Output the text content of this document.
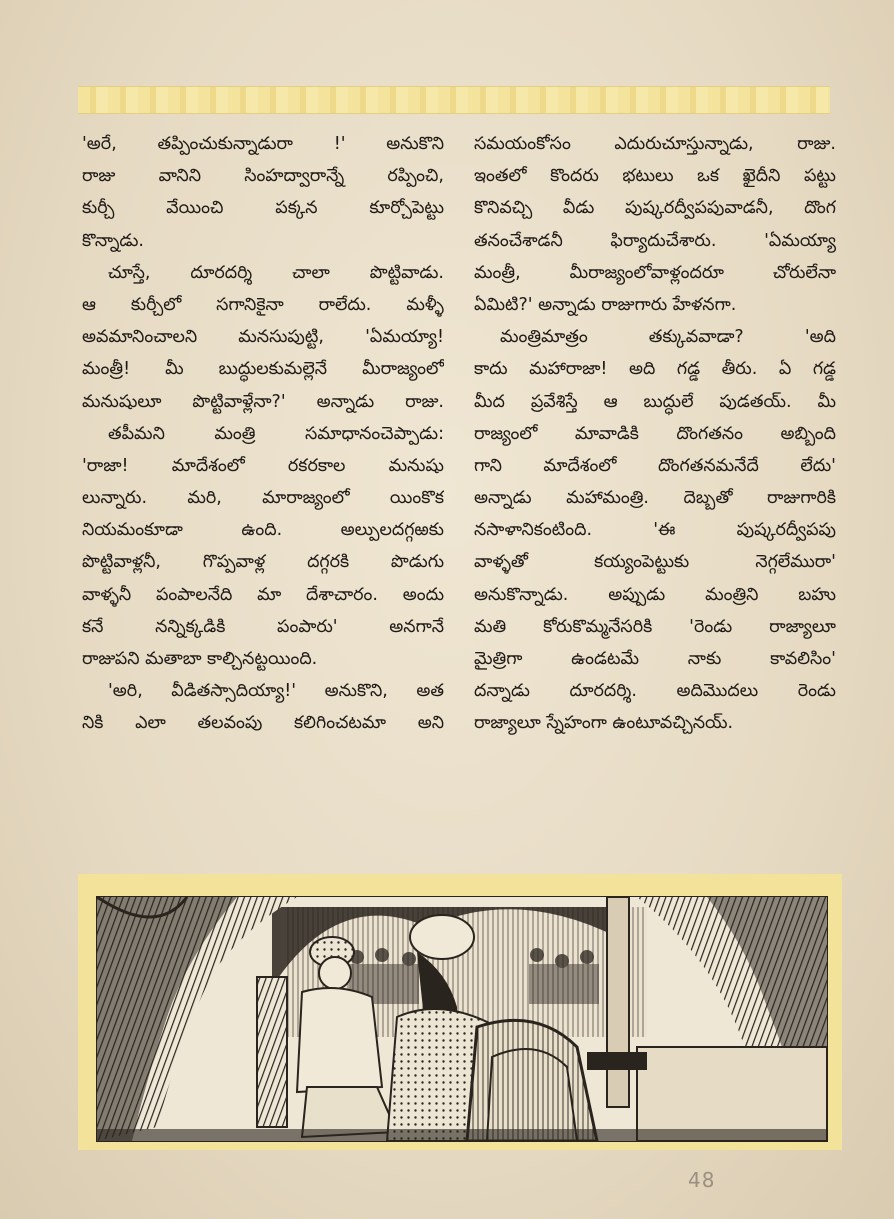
'అరే, తప్పించుకున్నాడురా !' అనుకొని
రాజు వానిని సింహద్వారాన్నే రప్పించి,
కుర్చీ వేయించి పక్కన కూర్చోపెట్టు
కొన్నాడు.
చూస్తే, దూరదర్శి చాలా పొట్టివాడు.
ఆ కుర్చీలో సగానికైనా రాలేదు. మళ్ళీ
అవమానించాలని మనసుపుట్టి, 'ఏమయ్యా!
మంత్రీ! మీ బుద్ధులకుమల్లెనే మీరాజ్యంలో
మనుషులూ పొట్టివాళ్లేనా?' అన్నాడు రాజు.
తపీమని మంత్రి సమాధానంచెప్పాడు:
'రాజా! మాదేశంలో రకరకాల మనుషు
లున్నారు. మరి, మారాజ్యంలో యింకొక
నియమంకూడా ఉంది. అల్పులదగ్గఱకు
పొట్టివాళ్లనీ, గొప్పవాళ్ల దగ్గరకి పొడుగు
వాళ్ళనీ పంపాలనేది మా దేశాచారం. అందు
కనే నన్నిక్కడికి పంపారు' అనగానే
రాజుపని మతాబా కాల్చినట్టయింది.
'అరి, వీడితస్సాదియ్యా!' అనుకొని, అత
నికి ఎలా తలవంపు కలిగించటమా అని
సమయంకోసం ఎదురుచూస్తున్నాడు, రాజు.
ఇంతలో కొందరు భటులు ఒక ఖైదీని పట్టు
కొనివచ్చి వీడు పుష్కరద్వీపపువాడనీ, దొంగ
తనంచేశాడనీ ఫిర్యాదుచేశారు. 'ఏమయ్యా
మంత్రీ, మీరాజ్యంలోవాళ్లందరూ చోరులేనా
ఏమిటి?' అన్నాడు రాజుగారు హేళనగా.
మంత్రిమాత్రం తక్కువవాడా? 'అది
కాదు మహారాజా! అది గడ్డ తీరు. ఏ గడ్డ
మీద ప్రవేశిస్తే ఆ బుద్ధులే పుడతయ్. మీ
రాజ్యంలో మావాడికి దొంగతనం అబ్బింది
గాని మాదేశంలో దొంగతనమనేదే లేదు'
అన్నాడు మహామంత్రి. దెబ్బతో రాజుగారికి
నసాళానికంటింది. 'ఈ పుష్కరద్వీపపు
వాళ్ళతో కయ్యంపెట్టుకు నెగ్గలేమురా'
అనుకొన్నాడు. అప్పుడు మంత్రిని బహు
మతి కోరుకొమ్మనేసరికి 'రెండు రాజ్యాలూ
మైత్రిగా ఉండటమే నాకు కావలిసిం'
దన్నాడు దూరదర్శి. అదిమొదలు రెండు
రాజ్యాలూ స్నేహంగా ఉంటూవచ్చినయ్.
48
